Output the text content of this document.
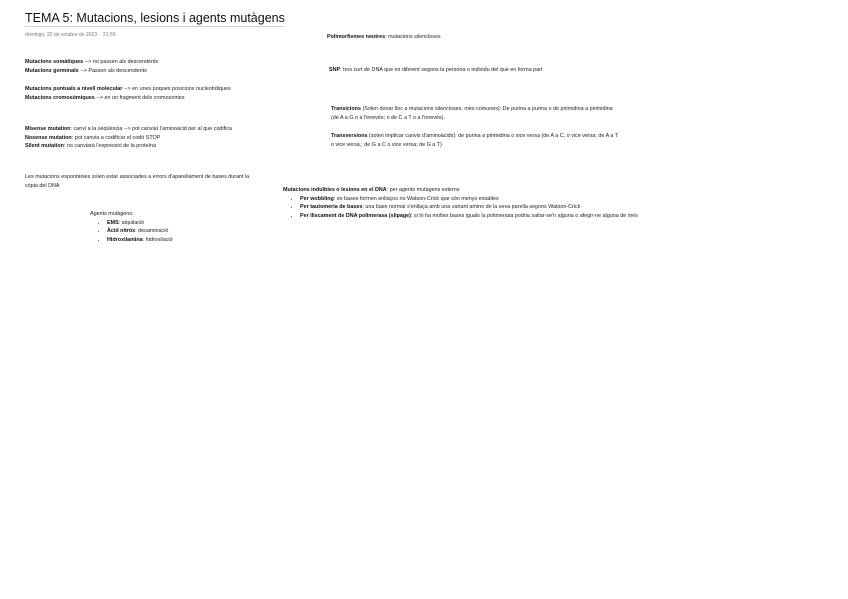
TEMA 5: Mutacions, lesions i agents mutàgens
domingo, 22 de octubre de 2023 21:59
Mutacions somàtiques --> no passen als descendents
Mutacions germinals --> Passen als descendents
Mutacions puntuals a nivell molecular --> en unes poques posicions nucleotídiques
Mutacions cromosòmiques --> en un fragment dels cromosomes
Misense mutation: canvi a la seqüència --> pot canviar l'aminoàcid per al que codifica
Nosense mutation: pot canvia a codificar el codó STOP
Silent mutation: no canviarà l'expressió de la proteïna
Les mutacions espontànies solen estar associades a errors d'aparellament de bases durant la còpia del DNA
Agents mutàgens:
• EMS: alquilació
• Àcid nitrós: desaminació
• Hidroxilamina: hidroxilació
Polimorfismes neutres: mutacions silencioses
SNP: tros curt de DNA que es diferent segons la persona o individu del que en forma part
Transicions (Solen donar lloc a mutacions silencioses, més comunes): De purina a purina o de pirimidina a pirimidina (de A a G o a l'inrevés; o de C a T o a l'inrevés).
Transversions (solen implicar canvis d'aminoàcids): de purina a pirimidina o vice versa (de A a C, o vice versa; de A a T o vice versa,; de G a C o vice versa; de G a T)
Mutacions induïbles o lesions en el DNA: per agents mutàgens externs
• Per wobbling: es bases formen enllaços no Watson-Crick que són menys estables
• Per tautomeria de bases: una base normal s'enllaça amb una variant amino de la seva parella segons Watson-Crick
• Per lliscament de DNA polimerasa (slipage): si hi ha moltes bases iguals la polimerasa podria saltar-se'n alguna o afegir-ne alguna de més
